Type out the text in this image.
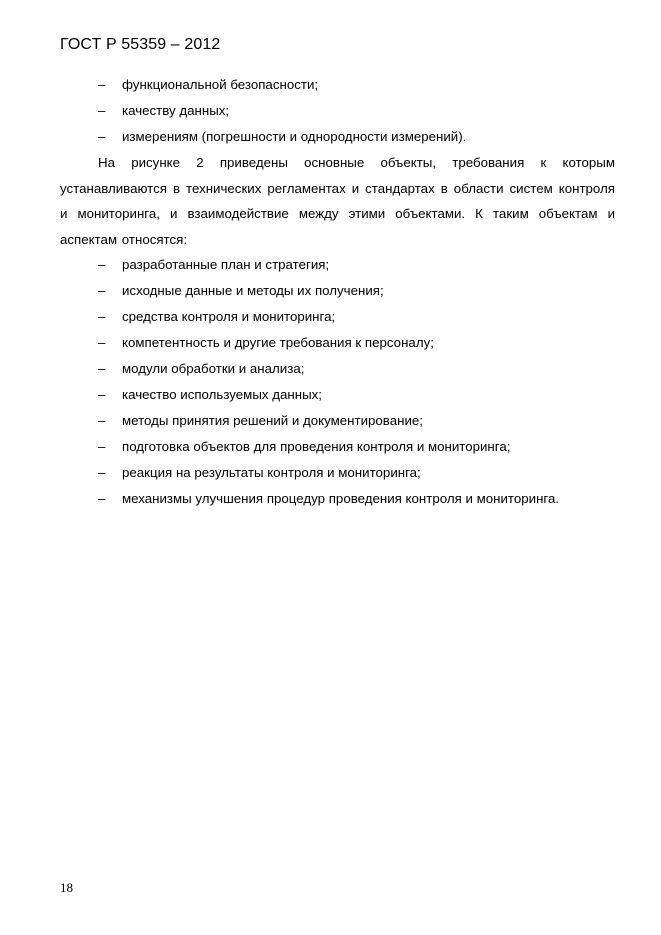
ГОСТ Р 55359 – 2012
– функциональной безопасности;
– качеству данных;
– измерениям (погрешности и однородности измерений).

На рисунке 2 приведены основные объекты, требования к которым устанавливаются в технических регламентах и стандартах в области систем контроля и мониторинга, и взаимодействие между этими объектами. К таким объектам и аспектам относятся:

– разработанные план и стратегия;
– исходные данные и методы их получения;
– средства контроля и мониторинга;
– компетентность и другие требования к персоналу;
– модули обработки и анализа;
– качество используемых данных;
– методы принятия решений и документирование;
– подготовка объектов для проведения контроля и мониторинга;
– реакция на результаты контроля и мониторинга;
– механизмы улучшения процедур проведения контроля и мониторинга.
18
